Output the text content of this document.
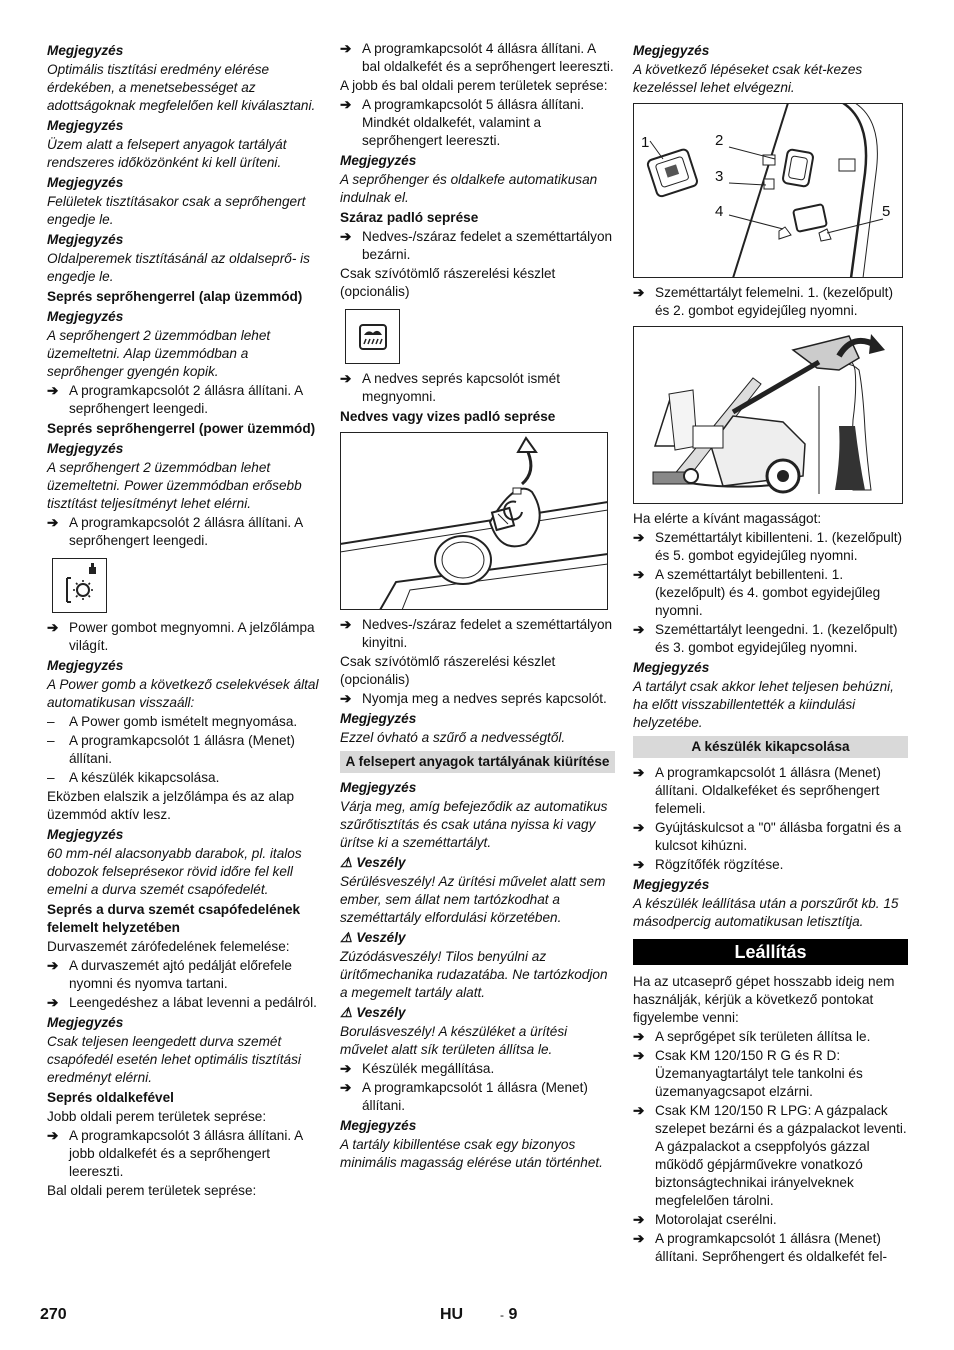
Megjegyzés
Optimális tisztítási eredmény elérése érdekében, a menetsebességet az adottságoknak megfelelően kell kiválasztani.
Megjegyzés
Üzem alatt a felsepert anyagok tartályát rendszeres időközönként ki kell üríteni.
Megjegyzés
Felületek tisztításakor csak a seprőhengert engedje le.
Megjegyzés
Oldalperemek tisztításánál az oldalseprő- is engedje le.
Seprés seprőhengerrel (alap üzemmód)
Megjegyzés
A seprőhengert 2 üzemmódban lehet üzemeltetni. Alap üzemmódban a seprőhenger gyengén kopik.
➔ A programkapcsolót 2 állásra állítani. A seprőhengert leengedi.
Seprés seprőhengerrel (power üzemmód)
Megjegyzés
A seprőhengert 2 üzemmódban lehet üzemeltetni. Power üzemmódban erősebb tisztítást teljesítményt lehet elérni.
➔ A programkapcsolót 2 állásra állítani. A seprőhengert leengedi.
➔ Power gombot megnyomni. A jelzőlámpa világít.
Megjegyzés
A Power gomb a következő cselekvések által automatikusan visszaáll:
–	A Power gomb ismételt megnyomása.
–	A programkapcsolót 1 állásra (Menet) állítani.
–	A készülék kikapcsolása.
Eközben elalszik a jelzőlámpa és az alap üzemmód aktív lesz.
Megjegyzés
60 mm-nél alacsonyabb darabok, pl. italos dobozok felsepréseкor rövid időre fel kell emelni a durva szemét csapófedelét.
Seprés a durva szemét csapófedelének felemelt helyzetében
Durvaszemét zárófedelének felemelése:
➔ A durvaszemét ajtó pedálját előrefele nyomni és nyomva tartani.
➔ Leengedéshez a lábat levenni a pedálról.
Megjegyzés
Csak teljesen leengedett durva szemét csapófedél esetén lehet optimális tisztítási eredményt elérni.
Seprés oldalkefével
Jobb oldali perem területek seprése:
➔ A programkapcsolót 3 állásra állítani. A jobb oldalkefét és a seprőhengert leereszti.
Bal oldali perem területek seprése:
➔ A programkapcsolót 4 állásra állítani. A bal oldalkefét és a seprőhengert leereszti.
A jobb és bal oldali perem területek seprése:
➔ A programkapcsolót 5 állásra állítani. Mindkét oldalkefét, valamint a seprőhengert leereszti.
Megjegyzés
A seprőhenger és oldalkefe automatikusan indulnak el.
Száraz padló seprése
➔ Nedves-/száraz fedelet a szeméttartályon bezárni.
Csak szívótömlő rászerelési készlet (opcionális)
➔ A nedves seprés kapcsolót ismét megnyomni.
Nedves vagy vizes padló seprése
➔ Nedves-/száraz fedelet a szeméttartályon kinyitni.
Csak szívótömlő rászerelési készlet (opcionális)
➔ Nyomja meg a nedves seprés kapcsolót.
Megjegyzés
Ezzel óvható a szűrő a nedvességtől.
A felsepert anyagok tartályának kiürítése
Megjegyzés
Várja meg, amíg befejeződik az automatikus szűrőtisztítás és csak utána nyissa ki vagy ürítse ki a szeméttartályt.
⚠ Veszély
Sérülésveszély! Az ürítési művelet alatt sem ember, sem állat nem tartózkodhat a szeméttartály elfordulási körzetében.
⚠ Veszély
Zúzódásveszély! Tilos benyúlni az ürítőmechanika rudazatába. Ne tartózkodjon a megemelt tartály alatt.
⚠ Veszély
Borulásveszély! A készüléket a ürítési művelet alatt sík területen állítsa le.
➔ Készülék megállítása.
➔ A programkapcsolót 1 állásra (Menet) állítani.
Megjegyzés
A tartály kibillentése csak egy bizonyos minimális magasság elérése után történhet.
Megjegyzés
A következő lépéseket csak két-kezes kezeléssel lehet elvégezni.
1	2
3
4	5
➔ Szeméttartályt felemelni. 1. (kezelőpult) és 2. gombot egyidejűleg nyomni.
Ha elérte a kívánt magasságot:
➔ Szeméttartályt kibillenteni. 1. (kezelőpult) és 5. gombot egyidejűleg nyomni.
➔ A szeméttartályt bebillenteni. 1. (kezelőpult) és 4. gombot egyidejűleg nyomni.
➔ Szeméttartályt leengedni. 1. (kezelőpult) és 3. gombot egyidejűleg nyomni.
Megjegyzés
A tartályt csak akkor lehet teljesen behúzni, ha előtt visszabillentették a kiindulási helyzetébe.
A készülék kikapcsolása
➔ A programkapcsolót 1 állásra (Menet) állítani. Oldalkeféket és seprőhengert felemeli.
➔ Gyújtáskulcsot a "0" állásba forgatni és a kulcsot kihúzni.
➔ Rögzítőfék rögzítése.
Megjegyzés
A készülék leállítása után a porszűrőt kb. 15 másodpercig automatikusan letisztítja.
Leállítás
Ha az utcaseprő gépet hosszabb ideig nem használják, kérjük a következő pontokat figyelembe venni:
➔ A seprőgépet sík területen állítsa le.
➔ Csak KM 120/150 R G és R D: Üzemanyagtartályt tele tankolni és üzemanyagcsapot elzárni.
➔ Csak KM 120/150 R LPG: A gázpalack szelepet bezárni és a gázpalackot leventi. A gázpalackot a cseppfolyós gázzal működő gépjárművekre vonatkozó biztonságtechnikai irányelveknek megfelelően tárolni.
➔ Motorolajat cserélni.
➔ A programkapcsolót 1 állásra (Menet) állítani. Seprőhengert és oldalkefét fel-
270	HU	- 9
